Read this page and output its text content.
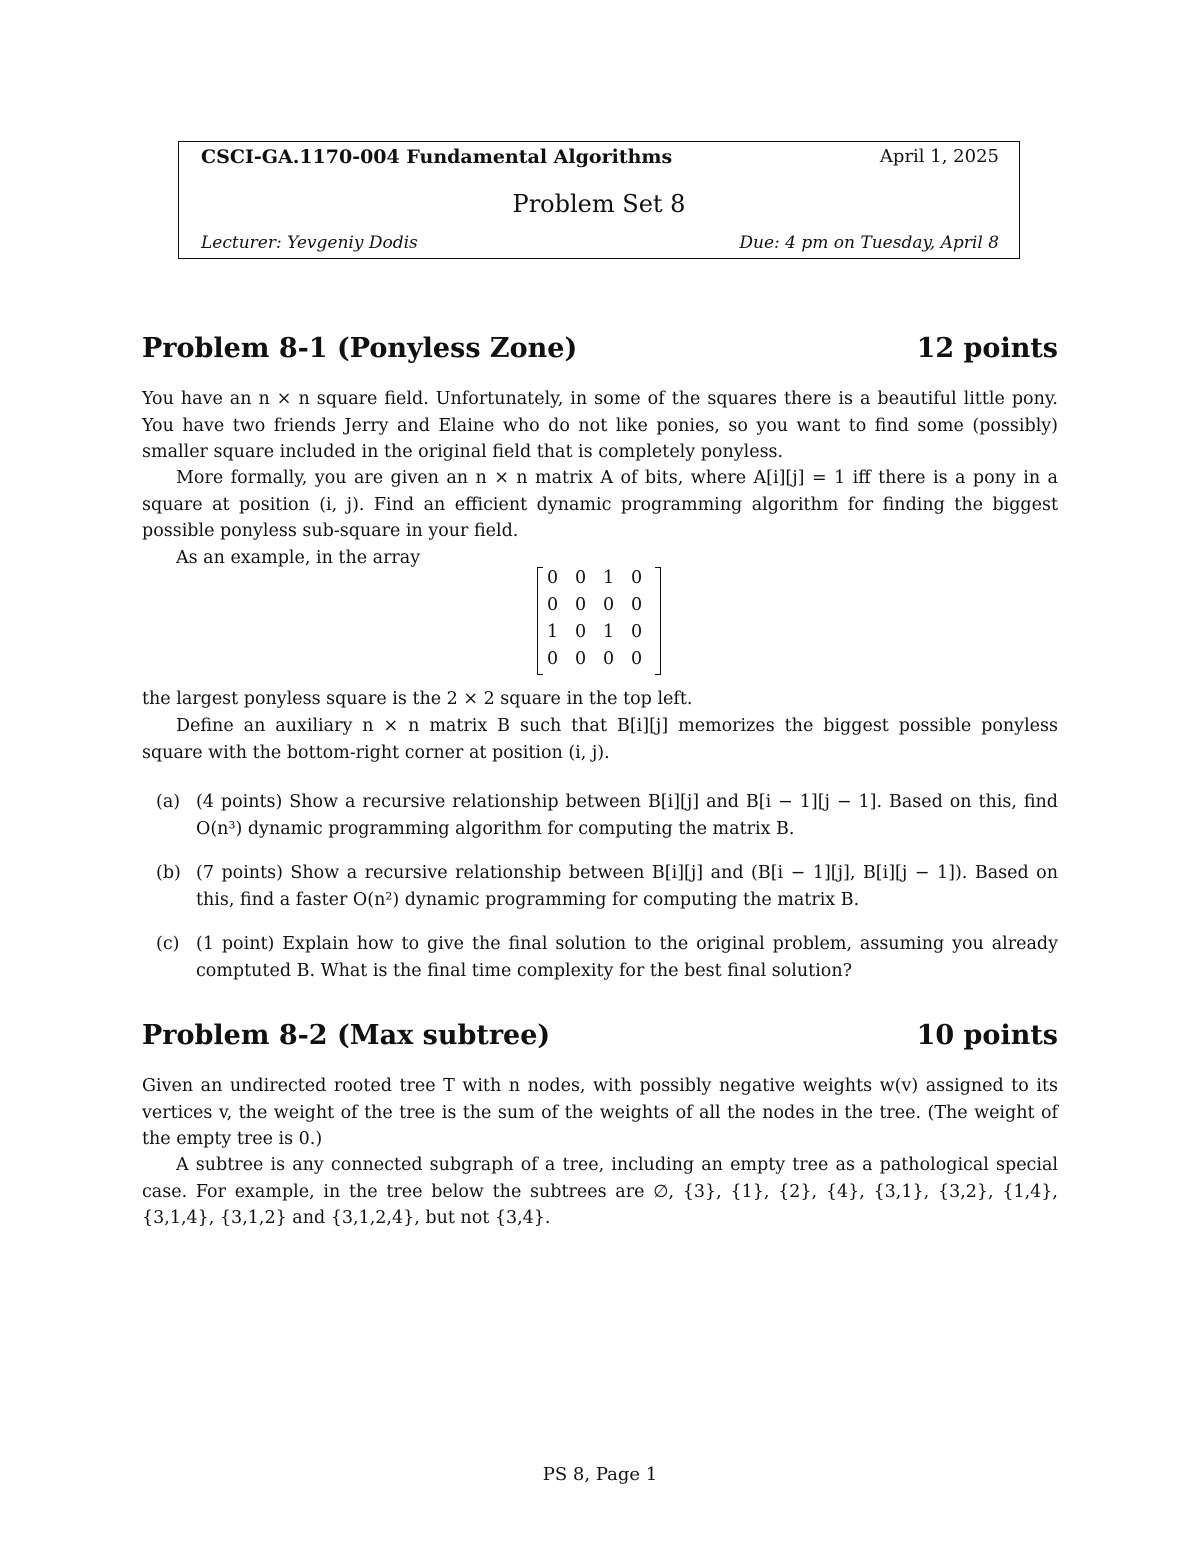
CSCI-GA.1170-004 Fundamental Algorithms	April 1, 2025
Problem Set 8
Lecturer: Yevgeniy Dodis	Due: 4 pm on Tuesday, April 8
Problem 8-1 (Ponyless Zone)	12 points
You have an n × n square field. Unfortunately, in some of the squares there is a beautiful little pony. You have two friends Jerry and Elaine who do not like ponies, so you want to find some (possibly) smaller square included in the original field that is completely ponyless.
More formally, you are given an n × n matrix A of bits, where A[i][j] = 1 iff there is a pony in a square at position (i, j). Find an efficient dynamic programming algorithm for finding the biggest possible ponyless sub-square in your field.
As an example, in the array
0 0 1 0
0 0 0 0
1 0 1 0
0 0 0 0
the largest ponyless square is the 2 × 2 square in the top left.
Define an auxiliary n × n matrix B such that B[i][j] memorizes the biggest possible ponyless square with the bottom-right corner at position (i, j).
(a) (4 points) Show a recursive relationship between B[i][j] and B[i − 1][j − 1]. Based on this, find O(n³) dynamic programming algorithm for computing the matrix B.
(b) (7 points) Show a recursive relationship between B[i][j] and (B[i − 1][j], B[i][j − 1]). Based on this, find a faster O(n²) dynamic programming for computing the matrix B.
(c) (1 point) Explain how to give the final solution to the original problem, assuming you already comptuted B. What is the final time complexity for the best final solution?
Problem 8-2 (Max subtree)	10 points
Given an undirected rooted tree T with n nodes, with possibly negative weights w(v) assigned to its vertices v, the weight of the tree is the sum of the weights of all the nodes in the tree. (The weight of the empty tree is 0.)
A subtree is any connected subgraph of a tree, including an empty tree as a pathological special case. For example, in the tree below the subtrees are ∅, {3}, {1}, {2}, {4}, {3,1}, {3,2}, {1,4}, {3,1,4}, {3,1,2} and {3,1,2,4}, but not {3,4}.
PS 8, Page 1
